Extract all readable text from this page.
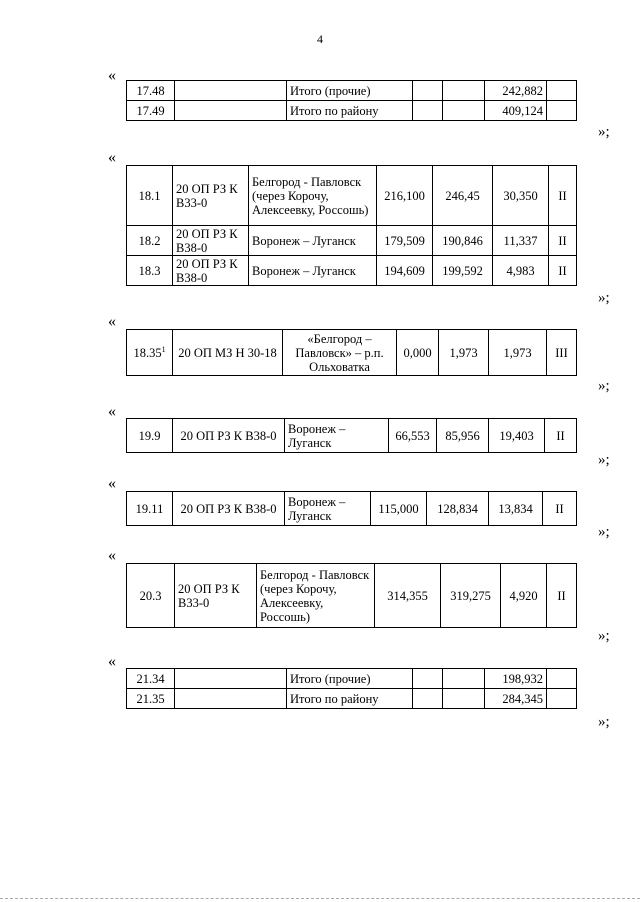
4
«
17.48		Итого (прочие)			242,882	
17.49		Итого по району			409,124	
»;
«
18.1	20 ОП РЗ К В33-0	Белгород - Павловск (через Корочу, Алексеевку, Россошь)	216,100	246,45	30,350	II
18.2	20 ОП РЗ К В38-0	Воронеж – Луганск	179,509	190,846	11,337	II
18.3	20 ОП РЗ К В38-0	Воронеж – Луганск	194,609	199,592	4,983	II
»;
«
18.35$^1$	20 ОП МЗ Н 30-18	«Белгород – Павловск» – р.п. Ольховатка	0,000	1,973	1,973	III
»;
«
19.9	20 ОП РЗ К В38-0	Воронеж – Луганск	66,553	85,956	19,403	II
»;
«
19.11	20 ОП РЗ К В38-0	Воронеж – Луганск	115,000	128,834	13,834	II
»;
«
20.3	20 ОП РЗ К В33-0	Белгород - Павловск (через Корочу, Алексеевку, Россошь)	314,355	319,275	4,920	II
»;
«
21.34		Итого (прочие)			198,932	
21.35		Итого по району			284,345	
»;
